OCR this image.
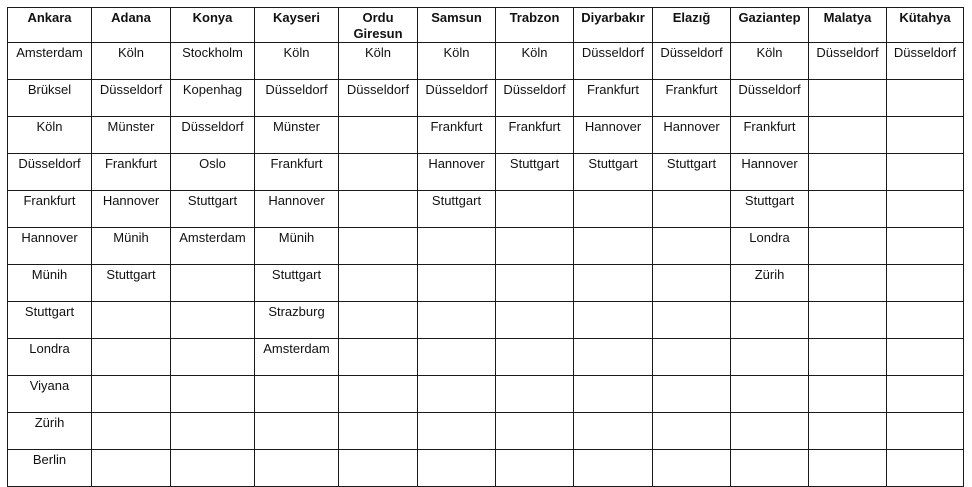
Ankara	Adana	Konya	Kayseri	Ordu Giresun	Samsun	Trabzon	Diyarbakır	Elazığ	Gaziantep	Malatya	Kütahya
Amsterdam	Köln	Stockholm	Köln	Köln	Köln	Köln	Düsseldorf	Düsseldorf	Köln	Düsseldorf	Düsseldorf
Brüksel	Düsseldorf	Kopenhag	Düsseldorf	Düsseldorf	Düsseldorf	Düsseldorf	Frankfurt	Frankfurt	Düsseldorf		
Köln	Münster	Düsseldorf	Münster		Frankfurt	Frankfurt	Hannover	Hannover	Frankfurt		
Düsseldorf	Frankfurt	Oslo	Frankfurt		Hannover	Stuttgart	Stuttgart	Stuttgart	Hannover		
Frankfurt	Hannover	Stuttgart	Hannover		Stuttgart				Stuttgart		
Hannover	Münih	Amsterdam	Münih						Londra		
Münih	Stuttgart		Stuttgart						Zürih		
Stuttgart			Strazburg								
Londra			Amsterdam								
Viyana											
Zürih											
Berlin											
